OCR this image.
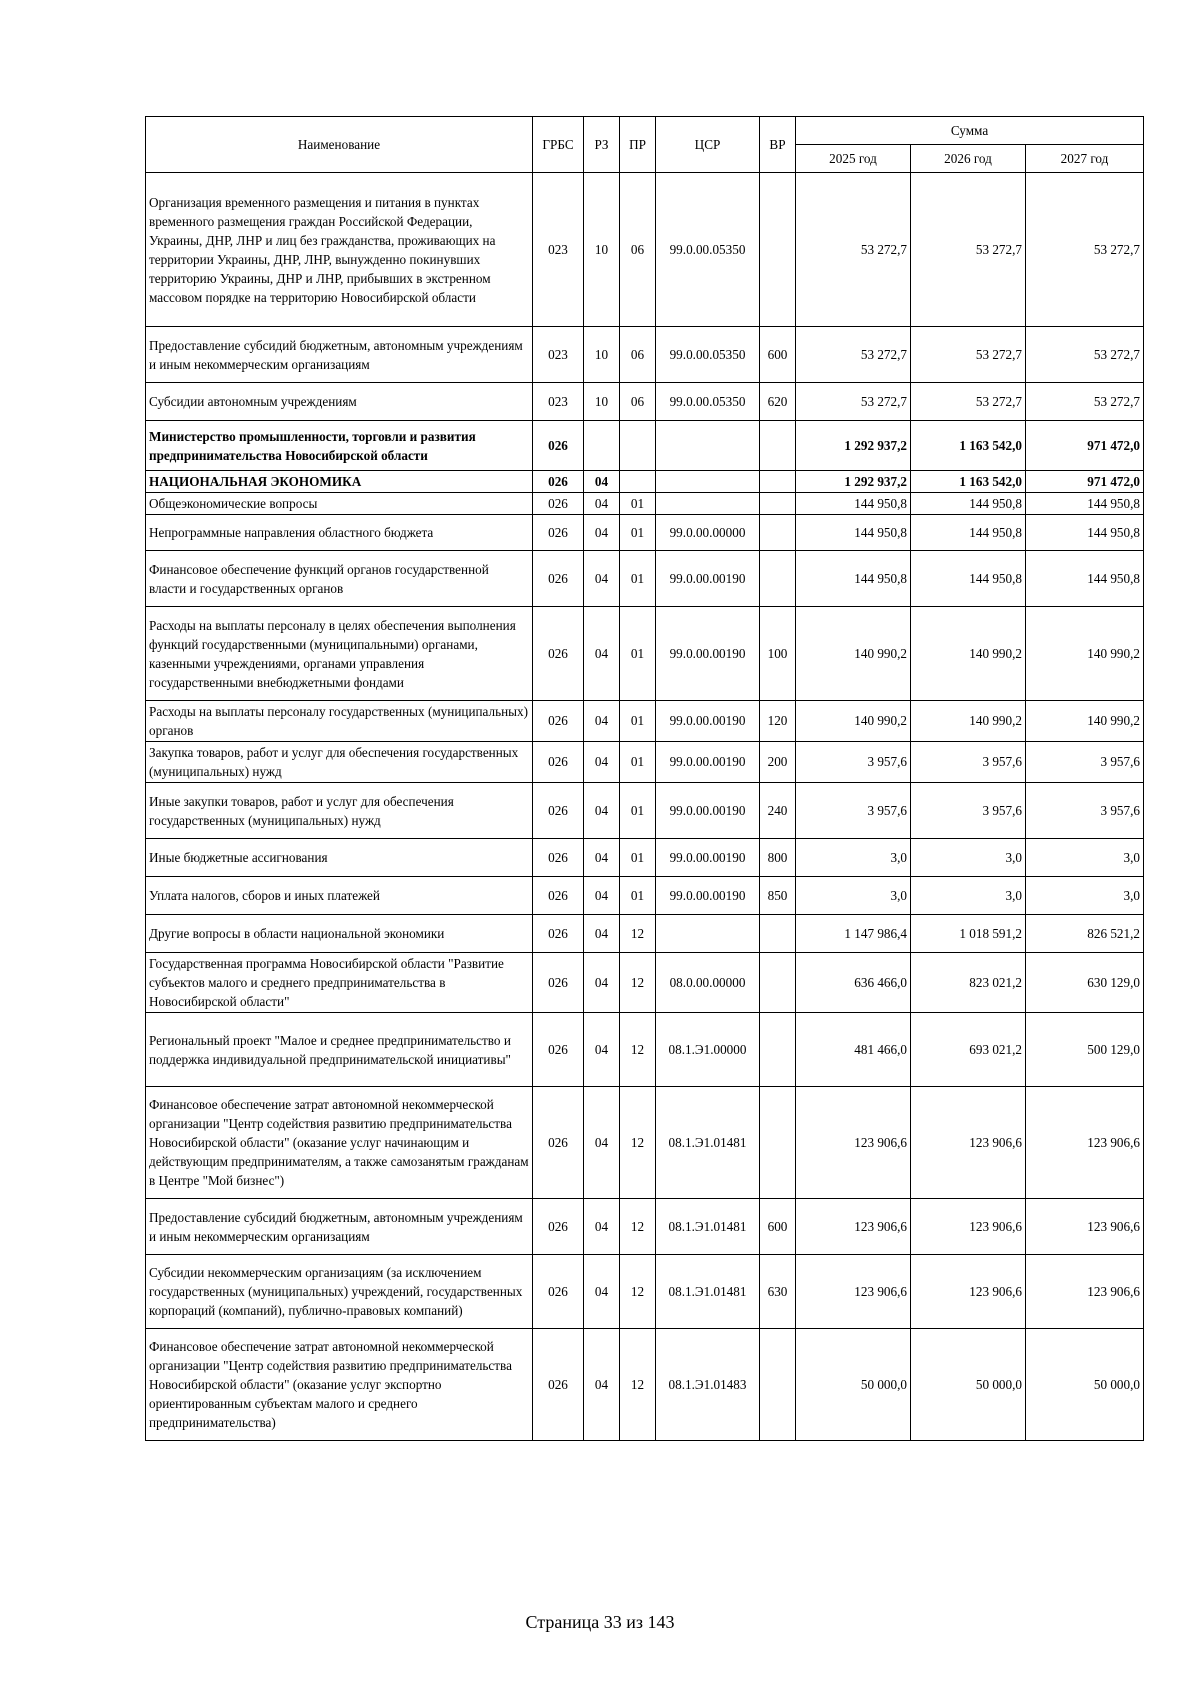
Наименование	ГРБС	РЗ	ПР	ЦСР	ВР	Сумма		
						2025 год	2026 год	2027 год
Организация временного размещения и питания в пунктах временного размещения граждан Российской Федерации, Украины, ДНР, ЛНР и лиц без гражданства, проживающих на территории Украины, ДНР, ЛНР, вынужденно покинувших территорию Украины, ДНР и ЛНР, прибывших в экстренном массовом порядке на территорию Новосибирской области	023	10	06	99.0.00.05350		53 272,7	53 272,7	53 272,7
Предоставление субсидий бюджетным, автономным учреждениям и иным некоммерческим организациям	023	10	06	99.0.00.05350	600	53 272,7	53 272,7	53 272,7
Субсидии автономным учреждениям	023	10	06	99.0.00.05350	620	53 272,7	53 272,7	53 272,7
Министерство промышленности, торговли и развития предпринимательства Новосибирской области	026					1 292 937,2	1 163 542,0	971 472,0
НАЦИОНАЛЬНАЯ ЭКОНОМИКА	026	04				1 292 937,2	1 163 542,0	971 472,0
Общеэкономические вопросы	026	04	01			144 950,8	144 950,8	144 950,8
Непрограммные направления областного бюджета	026	04	01	99.0.00.00000		144 950,8	144 950,8	144 950,8
Финансовое обеспечение функций органов государственной власти и государственных органов	026	04	01	99.0.00.00190		144 950,8	144 950,8	144 950,8
Расходы на выплаты персоналу в целях обеспечения выполнения функций государственными (муниципальными) органами, казенными учреждениями, органами управления государственными внебюджетными фондами	026	04	01	99.0.00.00190	100	140 990,2	140 990,2	140 990,2
Расходы на выплаты персоналу государственных (муниципальных) органов	026	04	01	99.0.00.00190	120	140 990,2	140 990,2	140 990,2
Закупка товаров, работ и услуг для обеспечения государственных (муниципальных) нужд	026	04	01	99.0.00.00190	200	3 957,6	3 957,6	3 957,6
Иные закупки товаров, работ и услуг для обеспечения государственных (муниципальных) нужд	026	04	01	99.0.00.00190	240	3 957,6	3 957,6	3 957,6
Иные бюджетные ассигнования	026	04	01	99.0.00.00190	800	3,0	3,0	3,0
Уплата налогов, сборов и иных платежей	026	04	01	99.0.00.00190	850	3,0	3,0	3,0
Другие вопросы в области национальной экономики	026	04	12			1 147 986,4	1 018 591,2	826 521,2
Государственная программа Новосибирской области "Развитие субъектов малого и среднего предпринимательства в Новосибирской области"	026	04	12	08.0.00.00000		636 466,0	823 021,2	630 129,0
Региональный проект "Малое и среднее предпринимательство и поддержка индивидуальной предпринимательской инициативы"	026	04	12	08.1.Э1.00000		481 466,0	693 021,2	500 129,0
Финансовое обеспечение затрат автономной некоммерческой организации "Центр содействия развитию предпринимательства Новосибирской области" (оказание услуг начинающим и действующим предпринимателям, а также самозанятым гражданам в Центре "Мой бизнес")	026	04	12	08.1.Э1.01481		123 906,6	123 906,6	123 906,6
Предоставление субсидий бюджетным, автономным учреждениям и иным некоммерческим организациям	026	04	12	08.1.Э1.01481	600	123 906,6	123 906,6	123 906,6
Субсидии некоммерческим организациям (за исключением государственных (муниципальных) учреждений, государственных корпораций (компаний), публично-правовых компаний)	026	04	12	08.1.Э1.01481	630	123 906,6	123 906,6	123 906,6
Финансовое обеспечение затрат автономной некоммерческой организации "Центр содействия развитию предпринимательства Новосибирской области" (оказание услуг экспортно ориентированным субъектам малого и среднего предпринимательства)	026	04	12	08.1.Э1.01483		50 000,0	50 000,0	50 000,0
Страница 33 из 143
